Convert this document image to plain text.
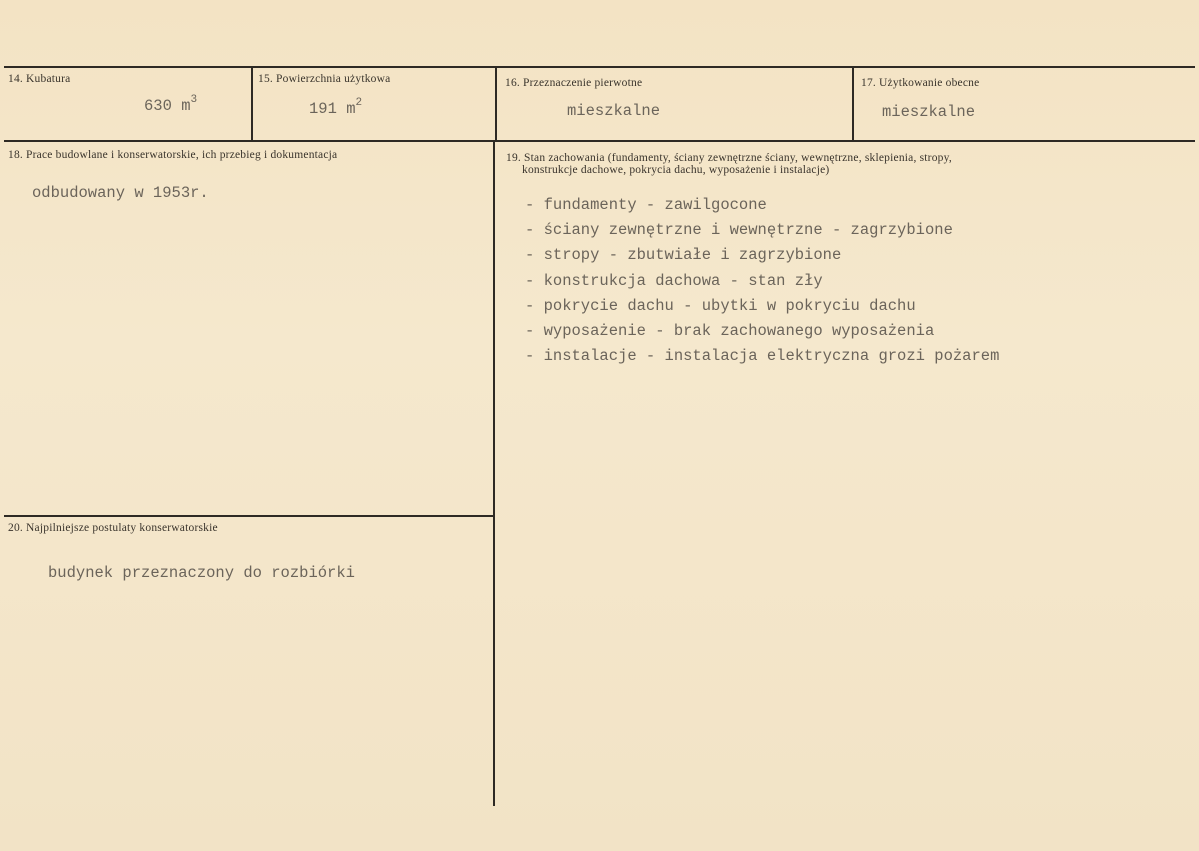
14. Kubatura
630 $m^3$
15. Powierzchnia użytkowa
191 $m^2$
16. Przeznaczenie pierwotne
mieszkalne
17. Użytkowanie obecne
mieszkalne
18. Prace budowlane i konserwatorskie, ich przebieg i dokumentacja
odbudowany w 1953r.
19. Stan zachowania (fundamenty, ściany zewnętrzne ściany, wewnętrzne, sklepienia, stropy,
konstrukcje dachowe, pokrycia dachu, wyposażenie i instalacje)
- fundamenty - zawilgocone
- ściany zewnętrzne i wewnętrzne - zagrzybione
- stropy - zbutwiałe i zagrzybione
- konstrukcja dachowa - stan zły
- pokrycie dachu - ubytki w pokryciu dachu
- wyposażenie - brak zachowanego wyposażenia
- instalacje - instalacja elektryczna grozi pożarem
20. Najpilniejsze postulaty konserwatorskie
budynek przeznaczony do rozbiórki
